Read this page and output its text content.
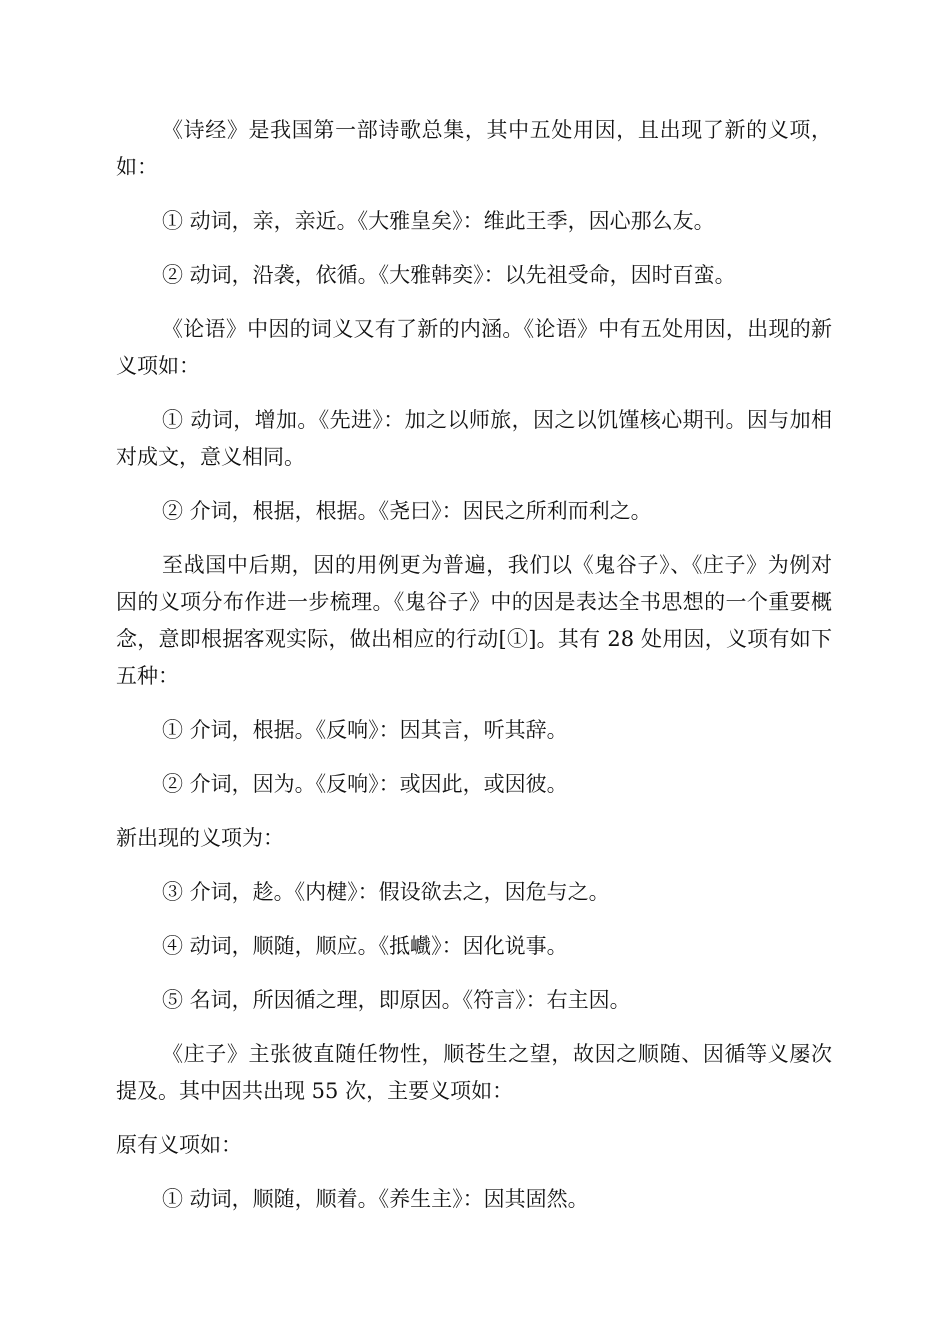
《诗经》是我国第一部诗歌总集，其中五处用因，且出现了新的义项，如：

① 动词，亲，亲近。《大雅皇矣》：维此王季，因心那么友。

② 动词，沿袭，依循。《大雅韩奕》：以先祖受命，因时百蛮。

《论语》中因的词义又有了新的内涵。《论语》中有五处用因，出现的新义项如：

① 动词，增加。《先进》：加之以师旅，因之以饥馑核心期刊。因与加相对成文，意义相同。

② 介词，根据，根据。《尧曰》：因民之所利而利之。

至战国中后期，因的用例更为普遍，我们以《鬼谷子》、《庄子》为例对因的义项分布作进一步梳理。《鬼谷子》中的因是表达全书思想的一个重要概念，意即根据客观实际，做出相应的行动[①]。其有 28 处用因，义项有如下五种：

① 介词，根据。《反响》：因其言，听其辞。

② 介词，因为。《反响》：或因此，或因彼。

新出现的义项为：

③ 介词，趁。《内楗》：假设欲去之，因危与之。

④ 动词，顺随，顺应。《抵巇》：因化说事。

⑤ 名词，所因循之理，即原因。《符言》：右主因。

《庄子》主张彼直随任物性，顺苍生之望，故因之顺随、因循等义屡次提及。其中因共出现 55 次，主要义项如：

原有义项如：

① 动词，顺随，顺着。《养生主》：因其固然。
